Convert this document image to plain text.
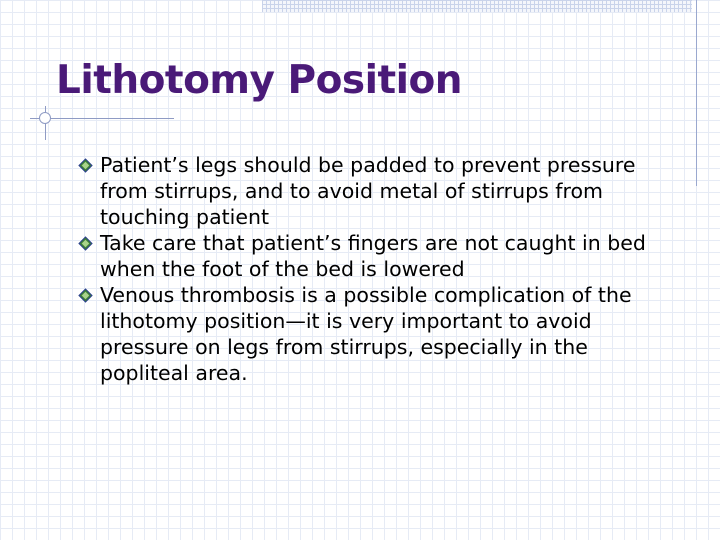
Lithotomy Position
Patient’s legs should be padded to prevent pressure from stirrups, and to avoid metal of stirrups from touching patient
Take care that patient’s fingers are not caught in bed when the foot of the bed is lowered
Venous thrombosis is a possible complication of the lithotomy position—it is very important to avoid pressure on legs from stirrups, especially in the popliteal area.
